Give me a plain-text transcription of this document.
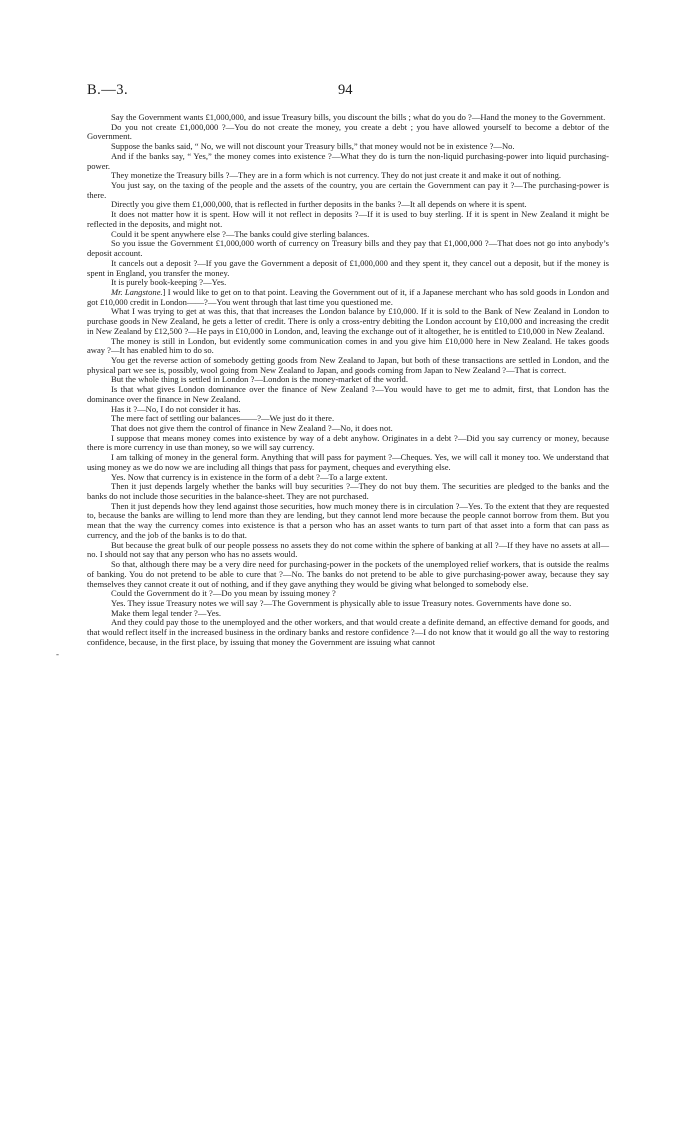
B.—3.	94
-

Say the Government wants £1,000,000, and issue Treasury bills, you discount the bills ; what do you do ?—Hand the money to the Government.

Do you not create £1,000,000 ?—You do not create the money, you create a debt ; you have allowed yourself to become a debtor of the Government.

Suppose the banks said, “ No, we will not discount your Treasury bills,” that money would not be in existence ?—No.

And if the banks say, “ Yes,” the money comes into existence ?—What they do is turn the non-liquid purchasing-power into liquid purchasing-power.

They monetize the Treasury bills ?—They are in a form which is not currency. They do not just create it and make it out of nothing.

You just say, on the taxing of the people and the assets of the country, you are certain the Government can pay it ?—The purchasing-power is there.

Directly you give them £1,000,000, that is reflected in further deposits in the banks ?—It all depends on where it is spent.

It does not matter how it is spent. How will it not reflect in deposits ?—If it is used to buy sterling. If it is spent in New Zealand it might be reflected in the deposits, and might not.

Could it be spent anywhere else ?—The banks could give sterling balances.

So you issue the Government £1,000,000 worth of currency on Treasury bills and they pay that £1,000,000 ?—That does not go into anybody’s deposit account.

It cancels out a deposit ?—If you gave the Government a deposit of £1,000,000 and they spent it, they cancel out a deposit, but if the money is spent in England, you transfer the money.

It is purely book-keeping ?—Yes.

Mr. Langstone.] I would like to get on to that point. Leaving the Government out of it, if a Japanese merchant who has sold goods in London and got £10,000 credit in London——?—You went through that last time you questioned me.

What I was trying to get at was this, that that increases the London balance by £10,000. If it is sold to the Bank of New Zealand in London to purchase goods in New Zealand, he gets a letter of credit. There is only a cross-entry debiting the London account by £10,000 and increasing the credit in New Zealand by £12,500 ?—He pays in £10,000 in London, and, leaving the exchange out of it altogether, he is entitled to £10,000 in New Zealand.

The money is still in London, but evidently some communication comes in and you give him £10,000 here in New Zealand. He takes goods away ?—It has enabled him to do so.

You get the reverse action of somebody getting goods from New Zealand to Japan, but both of these transactions are settled in London, and the physical part we see is, possibly, wool going from New Zealand to Japan, and goods coming from Japan to New Zealand ?—That is correct.

But the whole thing is settled in London ?—London is the money-market of the world.

Is that what gives London dominance over the finance of New Zealand ?—You would have to get me to admit, first, that London has the dominance over the finance in New Zealand.

Has it ?—No, I do not consider it has.

The mere fact of settling our balances——?—We just do it there.

That does not give them the control of finance in New Zealand ?—No, it does not.

I suppose that means money comes into existence by way of a debt anyhow. Originates in a debt ?—Did you say currency or money, because there is more currency in use than money, so we will say currency.

I am talking of money in the general form. Anything that will pass for payment ?—Cheques. Yes, we will call it money too. We understand that using money as we do now we are including all things that pass for payment, cheques and everything else.

Yes. Now that currency is in existence in the form of a debt ?—To a large extent.

Then it just depends largely whether the banks will buy securities ?—They do not buy them. The securities are pledged to the banks and the banks do not include those securities in the balance-sheet. They are not purchased.

Then it just depends how they lend against those securities, how much money there is in circulation ?—Yes. To the extent that they are requested to, because the banks are willing to lend more than they are lending, but they cannot lend more because the people cannot borrow from them. But you mean that the way the currency comes into existence is that a person who has an asset wants to turn part of that asset into a form that can pass as currency, and the job of the banks is to do that.

But because the great bulk of our people possess no assets they do not come within the sphere of banking at all ?—If they have no assets at all—no. I should not say that any person who has no assets would.

So that, although there may be a very dire need for purchasing-power in the pockets of the unemployed relief workers, that is outside the realms of banking. You do not pretend to be able to cure that ?—No. The banks do not pretend to be able to give purchasing-power away, because they say themselves they cannot create it out of nothing, and if they gave anything they would be giving what belonged to somebody else.

Could the Government do it ?—Do you mean by issuing money ?

Yes. They issue Treasury notes we will say ?—The Government is physically able to issue Treasury notes. Governments have done so.

Make them legal tender ?—Yes.

And they could pay those to the unemployed and the other workers, and that would create a definite demand, an effective demand for goods, and that would reflect itself in the increased business in the ordinary banks and restore confidence ?—I do not know that it would go all the way to restoring confidence, because, in the first place, by issuing that money the Government are issuing what cannot
